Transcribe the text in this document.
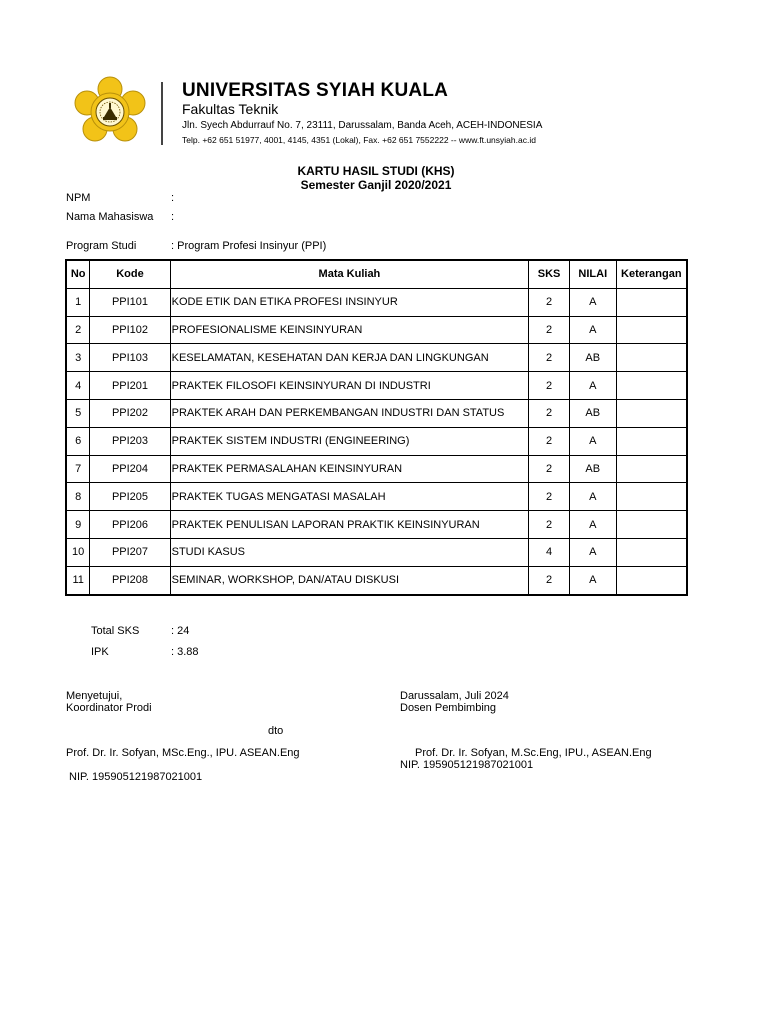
UNIVERSITAS SYIAH KUALA
Fakultas Teknik
Jln. Syech Abdurrauf No. 7, 23111, Darussalam, Banda Aceh, ACEH-INDONESIA
Telp. +62 651 51977, 4001, 4145, 4351 (Lokal), Fax. +62 651 7552222 -- www.ft.unsyiah.ac.id
KARTU HASIL STUDI (KHS)
Semester Ganjil 2020/2021
NPM	:
Nama Mahasiswa :
Program Studi	: Program Profesi Insinyur (PPI)
No	Kode	Mata Kuliah	SKS	NILAI	Keterangan
1	PPI101	KODE ETIK DAN ETIKA PROFESI INSINYUR	2	A	
2	PPI102	PROFESIONALISME KEINSINYURAN	2	A	
3	PPI103	KESELAMATAN, KESEHATAN DAN KERJA DAN LINGKUNGAN	2	AB	
4	PPI201	PRAKTEK FILOSOFI KEINSINYURAN DI INDUSTRI	2	A	
5	PPI202	PRAKTEK ARAH DAN PERKEMBANGAN INDUSTRI DAN STATUS	2	AB	
6	PPI203	PRAKTEK SISTEM INDUSTRI (ENGINEERING)	2	A	
7	PPI204	PRAKTEK PERMASALAHAN KEINSINYURAN	2	AB	
8	PPI205	PRAKTEK TUGAS MENGATASI MASALAH	2	A	
9	PPI206	PRAKTEK PENULISAN LAPORAN PRAKTIK KEINSINYURAN	2	A	
10	PPI207	STUDI KASUS	4	A	
11	PPI208	SEMINAR, WORKSHOP, DAN/ATAU DISKUSI	2	A	
Total SKS	: 24
IPK	: 3.88
Menyetujui,
Koordinator Prodi
dto
Prof. Dr. Ir. Sofyan, MSc.Eng., IPU. ASEAN.Eng
NIP. 195905121987021001
Darussalam, Juli 2024
Dosen Pembimbing
Prof. Dr. Ir. Sofyan, M.Sc.Eng, IPU., ASEAN.Eng
NIP. 195905121987021001
